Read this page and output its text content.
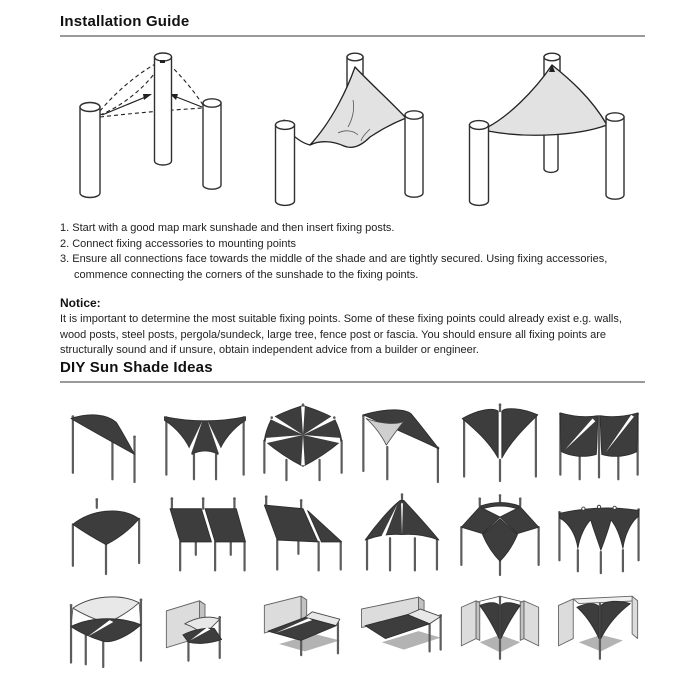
Installation Guide
1. Start with a good map mark sunshade and then insert fixing posts.
2. Connect fixing accessories to mounting points
3. Ensure all connections face towards the middle of the shade and are tightly secured. Using fixing accessories, commence connecting the corners of the sunshade to the fixing points.
Notice:

It is important to determine the most suitable fixing points. Some of these fixing points could already exist e.g. walls, wood posts, steel posts, pergola/sundeck, large tree, fence post or fascia. You should ensure all fixing points are structurally sound and if unsure, obtain independent advice from a builder or engineer.

DIY Sun Shade Ideas
